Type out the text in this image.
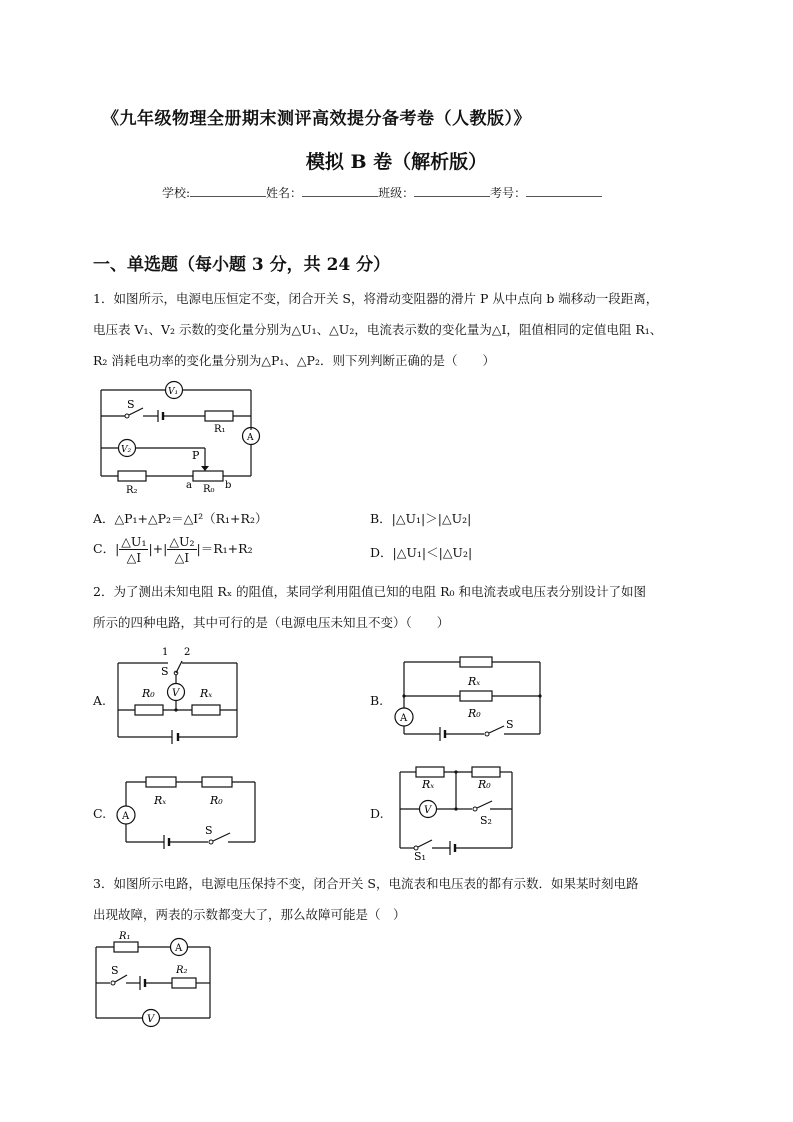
《九年级物理全册期末测评高效提分备考卷（人教版）》
模拟 B 卷（解析版）
学校:	姓名：	班级：	考号：
一、单选题（每小题 3 分，共 24 分）
1．如图所示，电源电压恒定不变，闭合开关 S，将滑动变阻器的滑片 P 从中点向 b 端移动一段距离，
电压表 V₁、V₂ 示数的变化量分别为△U₁、△U₂，电流表示数的变化量为△I，阻值相同的定值电阻 R₁、
R₂ 消耗电功率的变化量分别为△P₁、△P₂．则下列判断正确的是（　　）
V₁
V₂
A
S
R₁
P
R₂	a R₀ b
A．△P₁+△P₂＝△I²（R₁+R₂）	B．|△U₁|＞|△U₂|
C．| $\frac{\text{△U₁}}{\triangle I}$ |+| $\frac{\text{△U₂}}{\triangle I} |=R_1+R_2$	D．|△U₁|＜|△U₂|
2．为了测出未知电阻 Rₓ 的阻值，某同学利用阻值已知的电阻 R₀ 和电流表或电压表分别设计了如图
所示的四种电路，其中可行的是（电源电压未知且不变）（　　）
A.
1 2
S
V
R₀	Rₓ	B.
Rₓ
R₀
A	S
C.
Rₓ	R₀
A
S
D.
Rₓ	R₀
V
S₂
S₁
3．如图所示电路，电源电压保持不变，闭合开关 S，电流表和电压表的都有示数．如果某时刻电路
出现故障，两表的示数都变大了，那么故障可能是（　）
R₁
A
S	R₂
V
